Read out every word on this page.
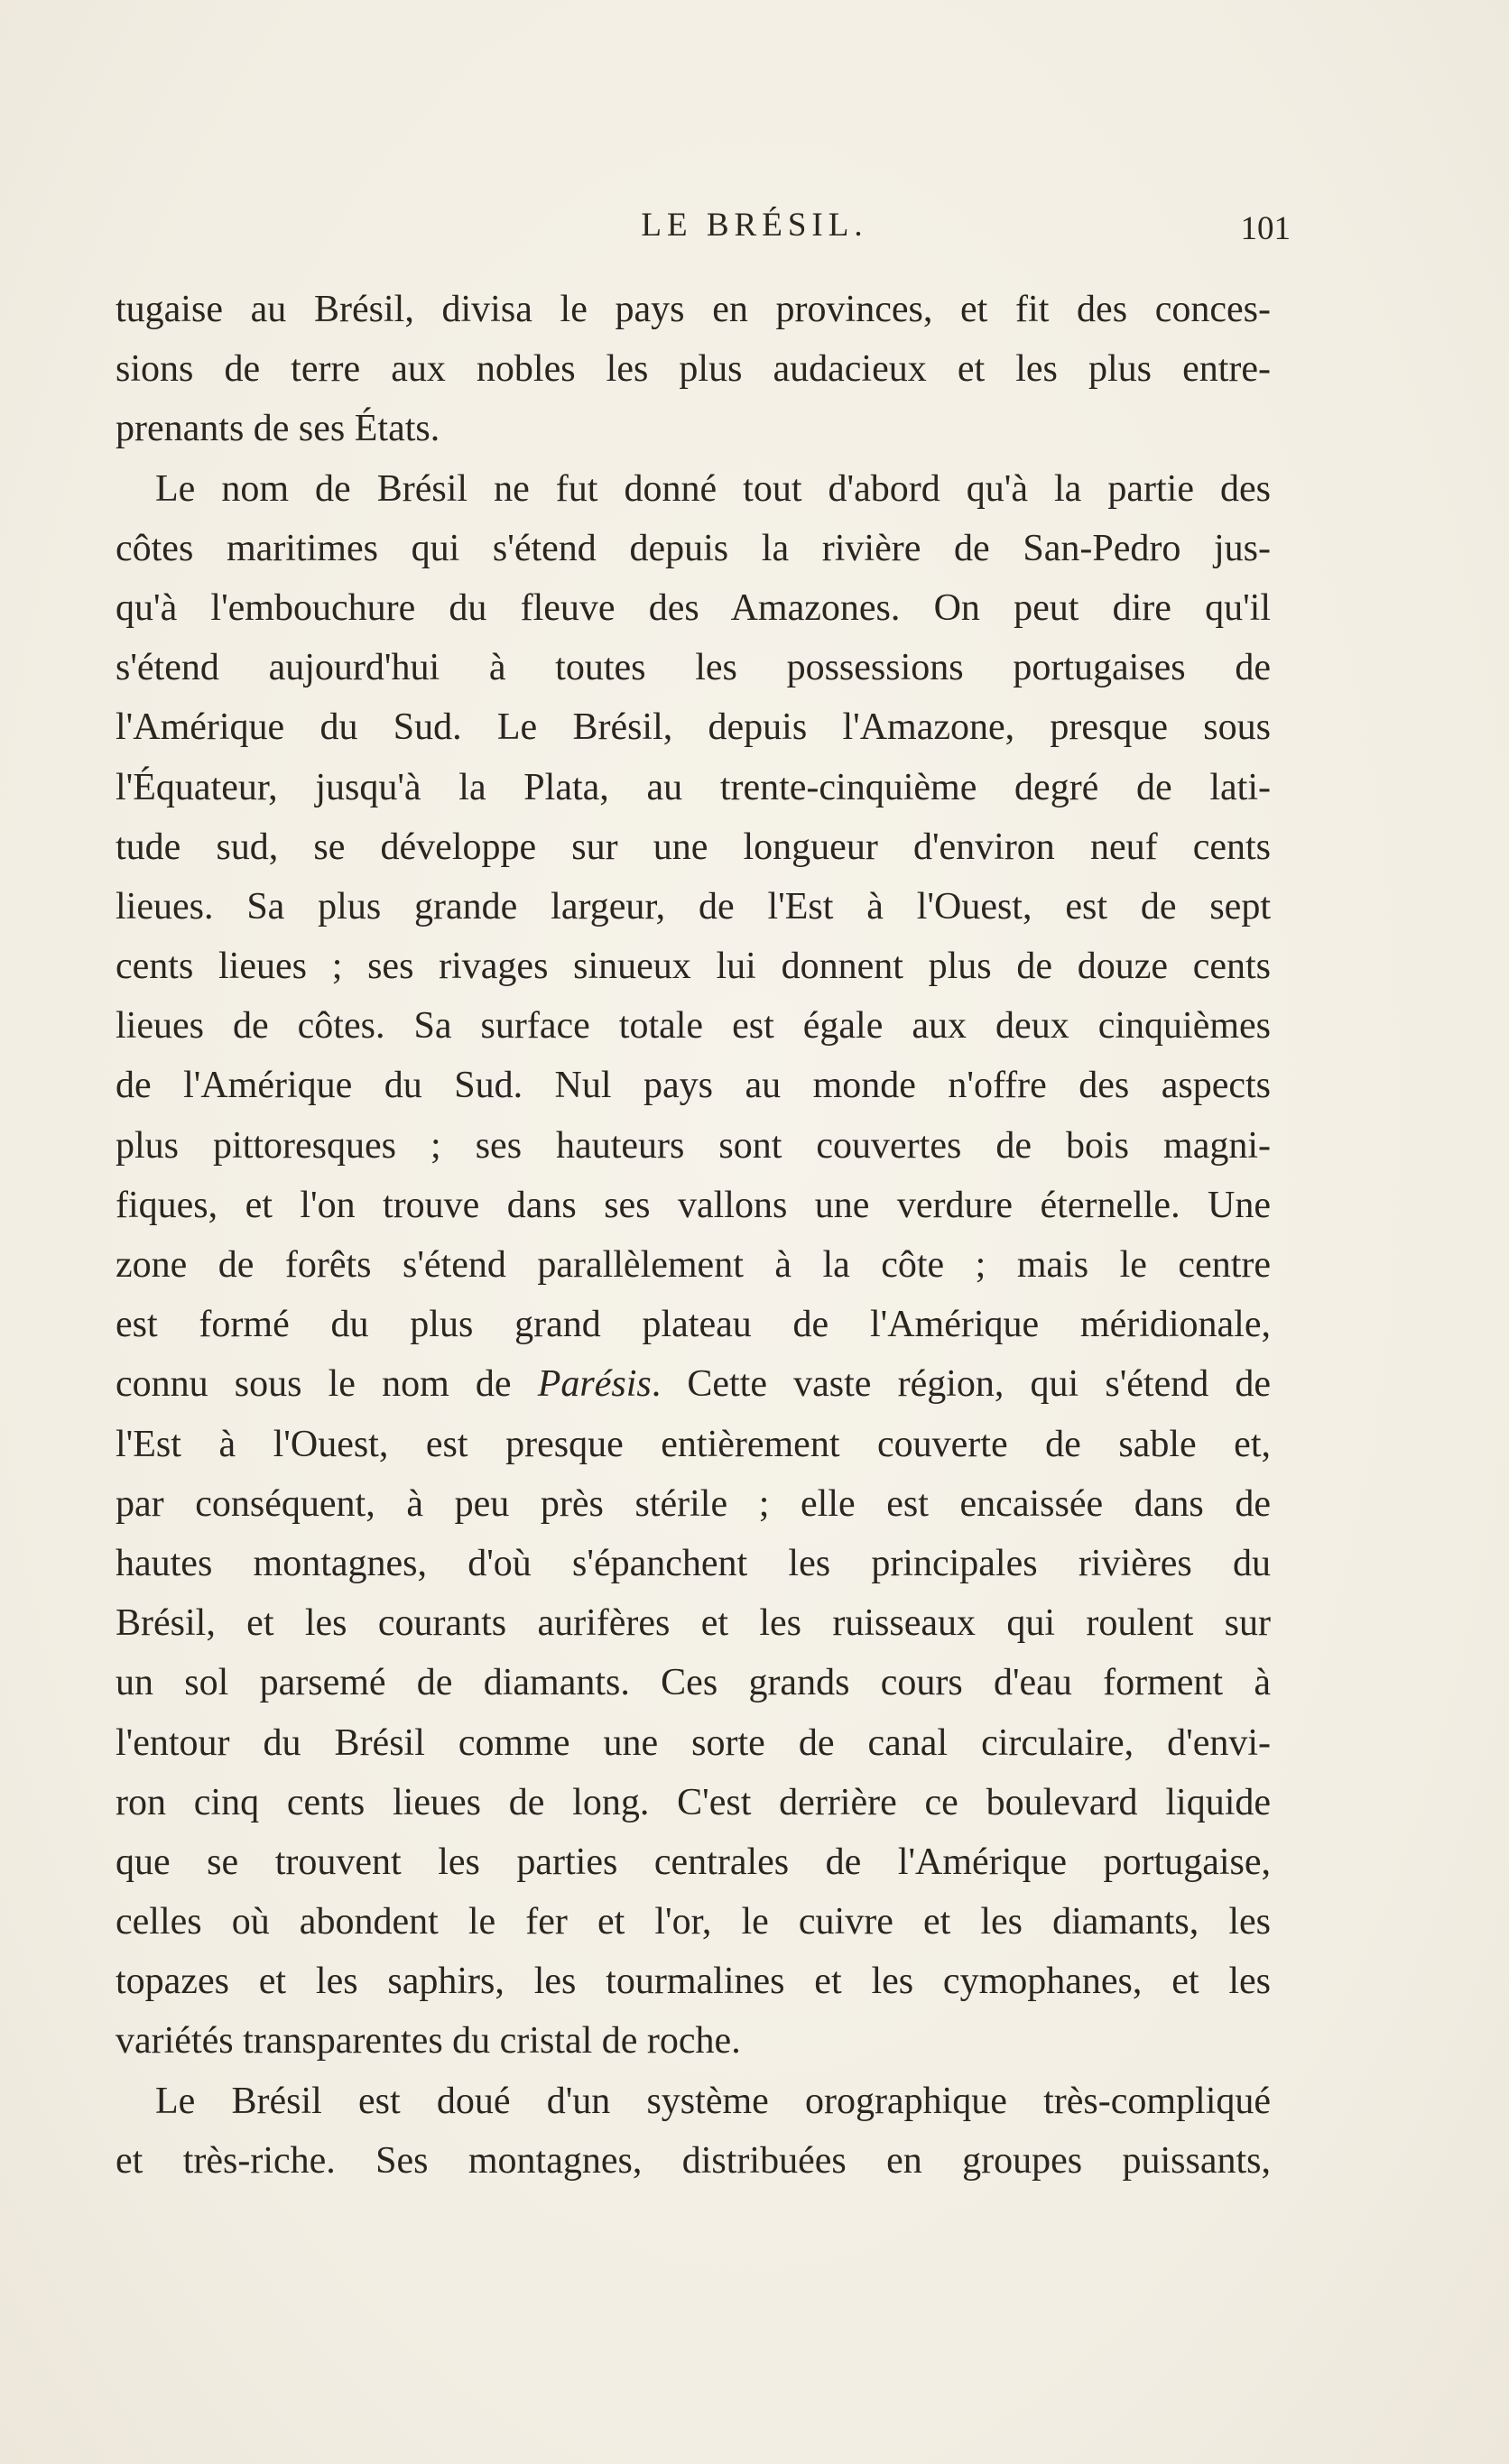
LE BRÉSIL.	101
tugaise au Brésil, divisa le pays en provinces, et fit des conces-
sions de terre aux nobles les plus audacieux et les plus entre-
prenants de ses États.
Le nom de Brésil ne fut donné tout d'abord qu'à la partie des
côtes maritimes qui s'étend depuis la rivière de San-Pedro jus-
qu'à l'embouchure du fleuve des Amazones. On peut dire qu'il
s'étend aujourd'hui à toutes les possessions portugaises de
l'Amérique du Sud. Le Brésil, depuis l'Amazone, presque sous
l'Équateur, jusqu'à la Plata, au trente-cinquième degré de lati-
tude sud, se développe sur une longueur d'environ neuf cents
lieues. Sa plus grande largeur, de l'Est à l'Ouest, est de sept
cents lieues ; ses rivages sinueux lui donnent plus de douze cents
lieues de côtes. Sa surface totale est égale aux deux cinquièmes
de l'Amérique du Sud. Nul pays au monde n'offre des aspects
plus pittoresques ; ses hauteurs sont couvertes de bois magni-
fiques, et l'on trouve dans ses vallons une verdure éternelle. Une
zone de forêts s'étend parallèlement à la côte ; mais le centre
est formé du plus grand plateau de l'Amérique méridionale,
connu sous le nom de Parésis. Cette vaste région, qui s'étend de
l'Est à l'Ouest, est presque entièrement couverte de sable et,
par conséquent, à peu près stérile ; elle est encaissée dans de
hautes montagnes, d'où s'épanchent les principales rivières du
Brésil, et les courants aurifères et les ruisseaux qui roulent sur
un sol parsemé de diamants. Ces grands cours d'eau forment à
l'entour du Brésil comme une sorte de canal circulaire, d'envi-
ron cinq cents lieues de long. C'est derrière ce boulevard liquide
que se trouvent les parties centrales de l'Amérique portugaise,
celles où abondent le fer et l'or, le cuivre et les diamants, les
topazes et les saphirs, les tourmalines et les cymophanes, et les
variétés transparentes du cristal de roche.
Le Brésil est doué d'un système orographique très-compliqué
et très-riche. Ses montagnes, distribuées en groupes puissants,
